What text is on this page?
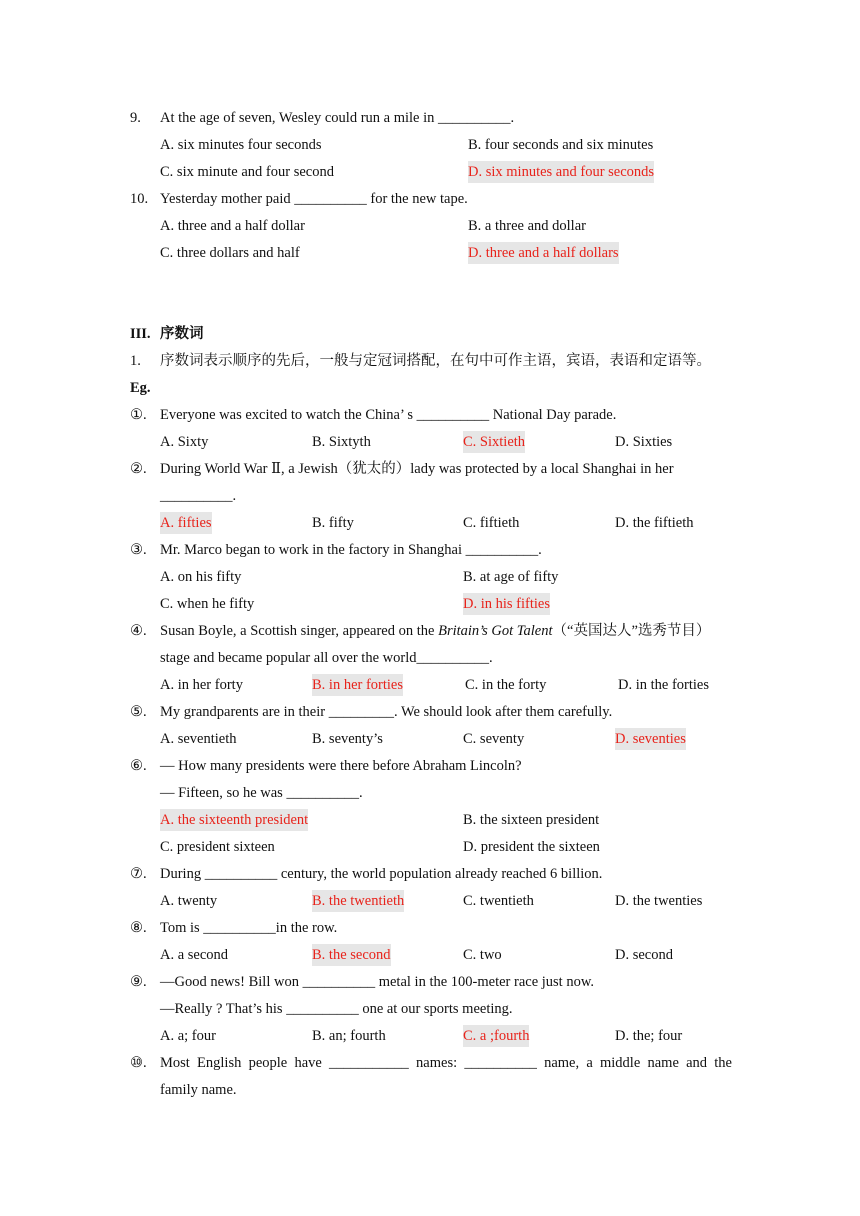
9. At the age of seven, Wesley could run a mile in __________.
A. six minutes four seconds	B. four seconds and six minutes
C. six minute and four second	D. six minutes and four seconds
10. Yesterday mother paid __________ for the new tape.
A. three and a half dollar	B. a three and dollar
C. three dollars and half	D. three and a half dollars
III. 序数词
1. 序数词表示顺序的先后，一般与定冠词搭配，在句中可作主语，宾语，表语和定语等。
Eg.
①. Everyone was excited to watch the China’ s __________ National Day parade.
A. Sixty	B. Sixtyth	C. Sixtieth	D. Sixties
②. During World War Ⅱ, a Jewish（犹太的）lady was protected by a local Shanghai in her
__________.
A. fifties	B. fifty	C. fiftieth	D. the fiftieth
③. Mr. Marco began to work in the factory in Shanghai __________.
A. on his fifty	B. at age of fifty
C. when he fifty	D. in his fifties
④. Susan Boyle, a Scottish singer, appeared on the Britain’s Got Talent（“英国达人”选秀节目）
stage and became popular all over the world__________.
A. in her forty	B. in her forties	C. in the forty	D. in the forties
⑤. My grandparents are in their _________. We should look after them carefully.
A. seventieth	B. seventy’s	C. seventy	D. seventies
⑥. — How many presidents were there before Abraham Lincoln?
— Fifteen, so he was __________.
A. the sixteenth president	B. the sixteen president
C. president sixteen	D. president the sixteen
⑦. During __________ century, the world population already reached 6 billion.
A. twenty	B. the twentieth	C. twentieth	D. the twenties
⑧. Tom is __________in the row.
A. a second	B. the second	C. two	D. second
⑨. —Good news! Bill won __________ metal in the 100-meter race just now.
—Really ? That’s his __________ one at our sports meeting.
A. a; four	B. an; fourth	C. a ;fourth	D. the; four
⑩. Most English people have ___________ names: __________ name, a middle name and the
family name.
